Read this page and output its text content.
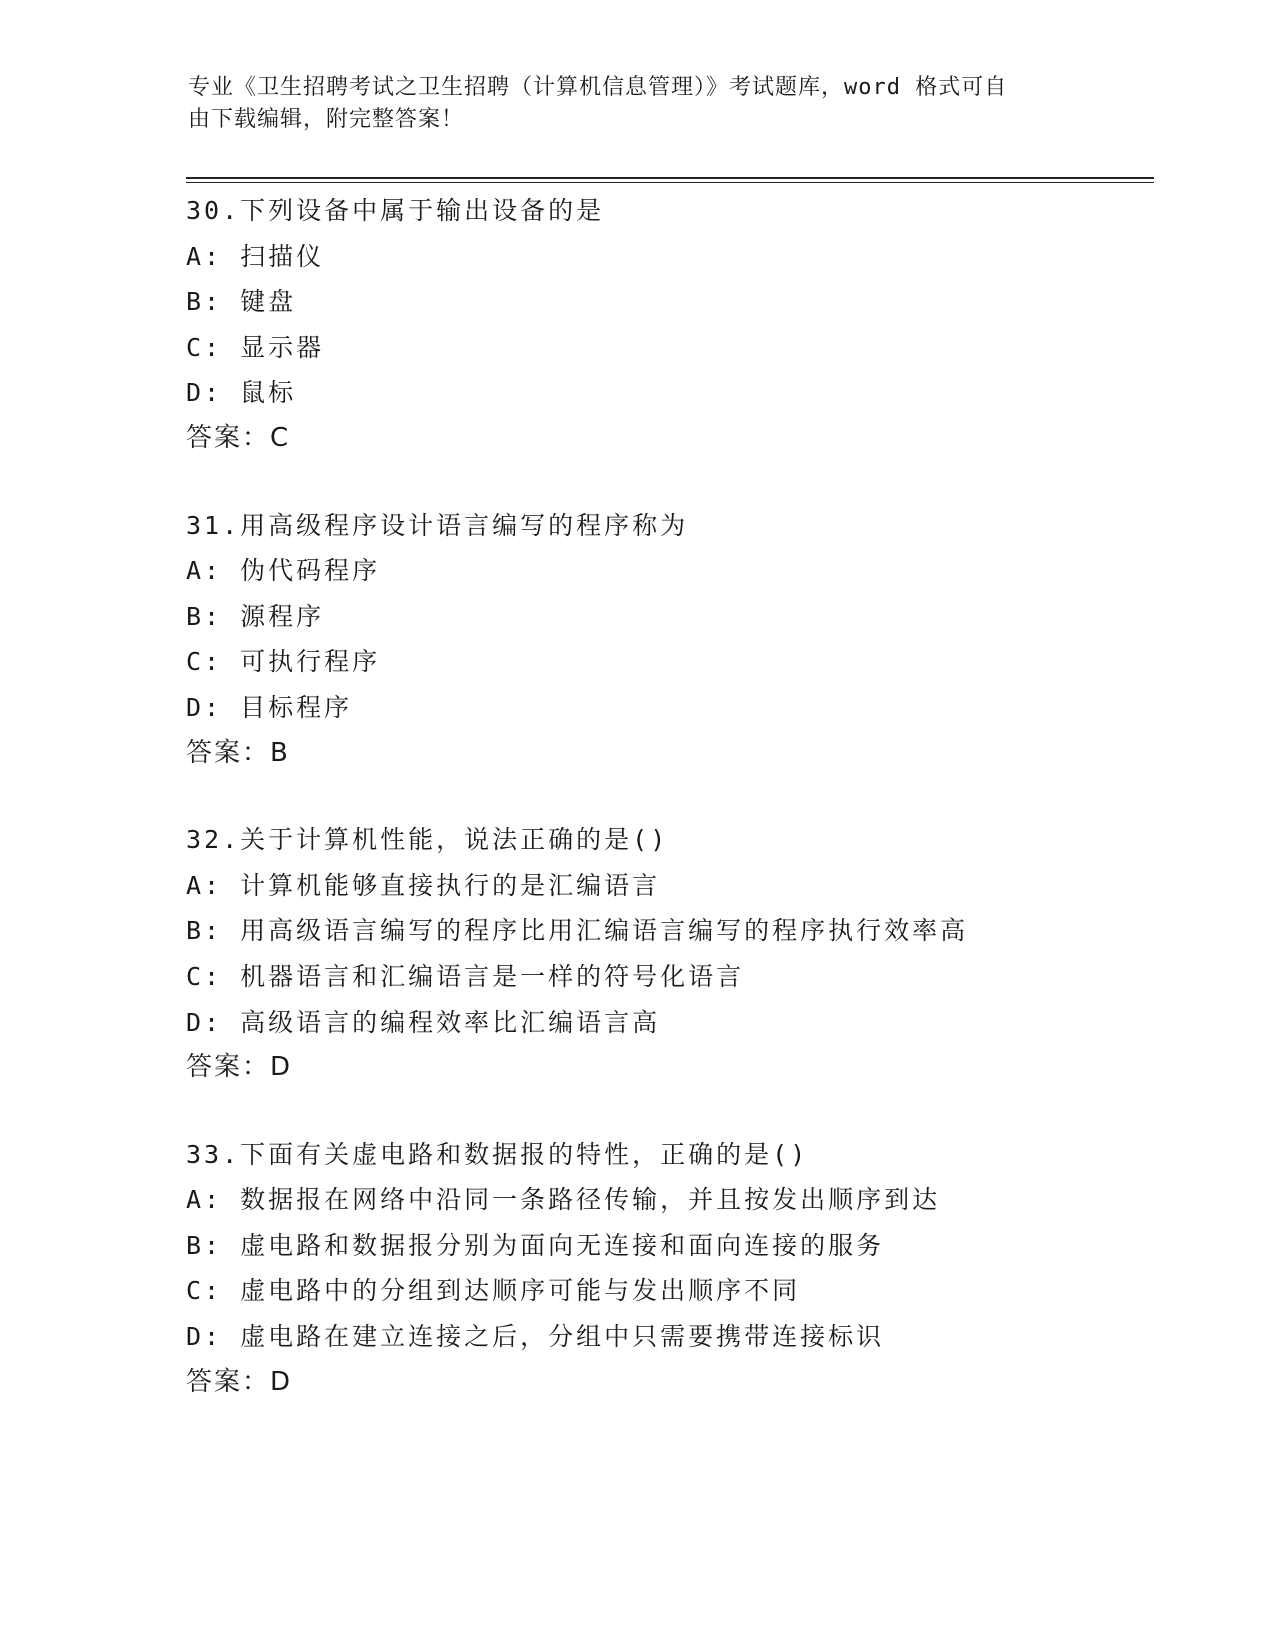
专业《卫生招聘考试之卫生招聘（计算机信息管理）》考试题库，word 格式可自
由下载编辑，附完整答案！
30.下列设备中属于输出设备的是
A: 扫描仪
B: 键盘
C: 显示器
D: 鼠标
答案：C
31.用高级程序设计语言编写的程序称为
A: 伪代码程序
B: 源程序
C: 可执行程序
D: 目标程序
答案：B
32.关于计算机性能，说法正确的是()
A: 计算机能够直接执行的是汇编语言
B: 用高级语言编写的程序比用汇编语言编写的程序执行效率高
C: 机器语言和汇编语言是一样的符号化语言
D: 高级语言的编程效率比汇编语言高
答案：D
33.下面有关虚电路和数据报的特性，正确的是()
A: 数据报在网络中沿同一条路径传输，并且按发出顺序到达
B: 虚电路和数据报分别为面向无连接和面向连接的服务
C: 虚电路中的分组到达顺序可能与发出顺序不同
D: 虚电路在建立连接之后，分组中只需要携带连接标识
答案：D
